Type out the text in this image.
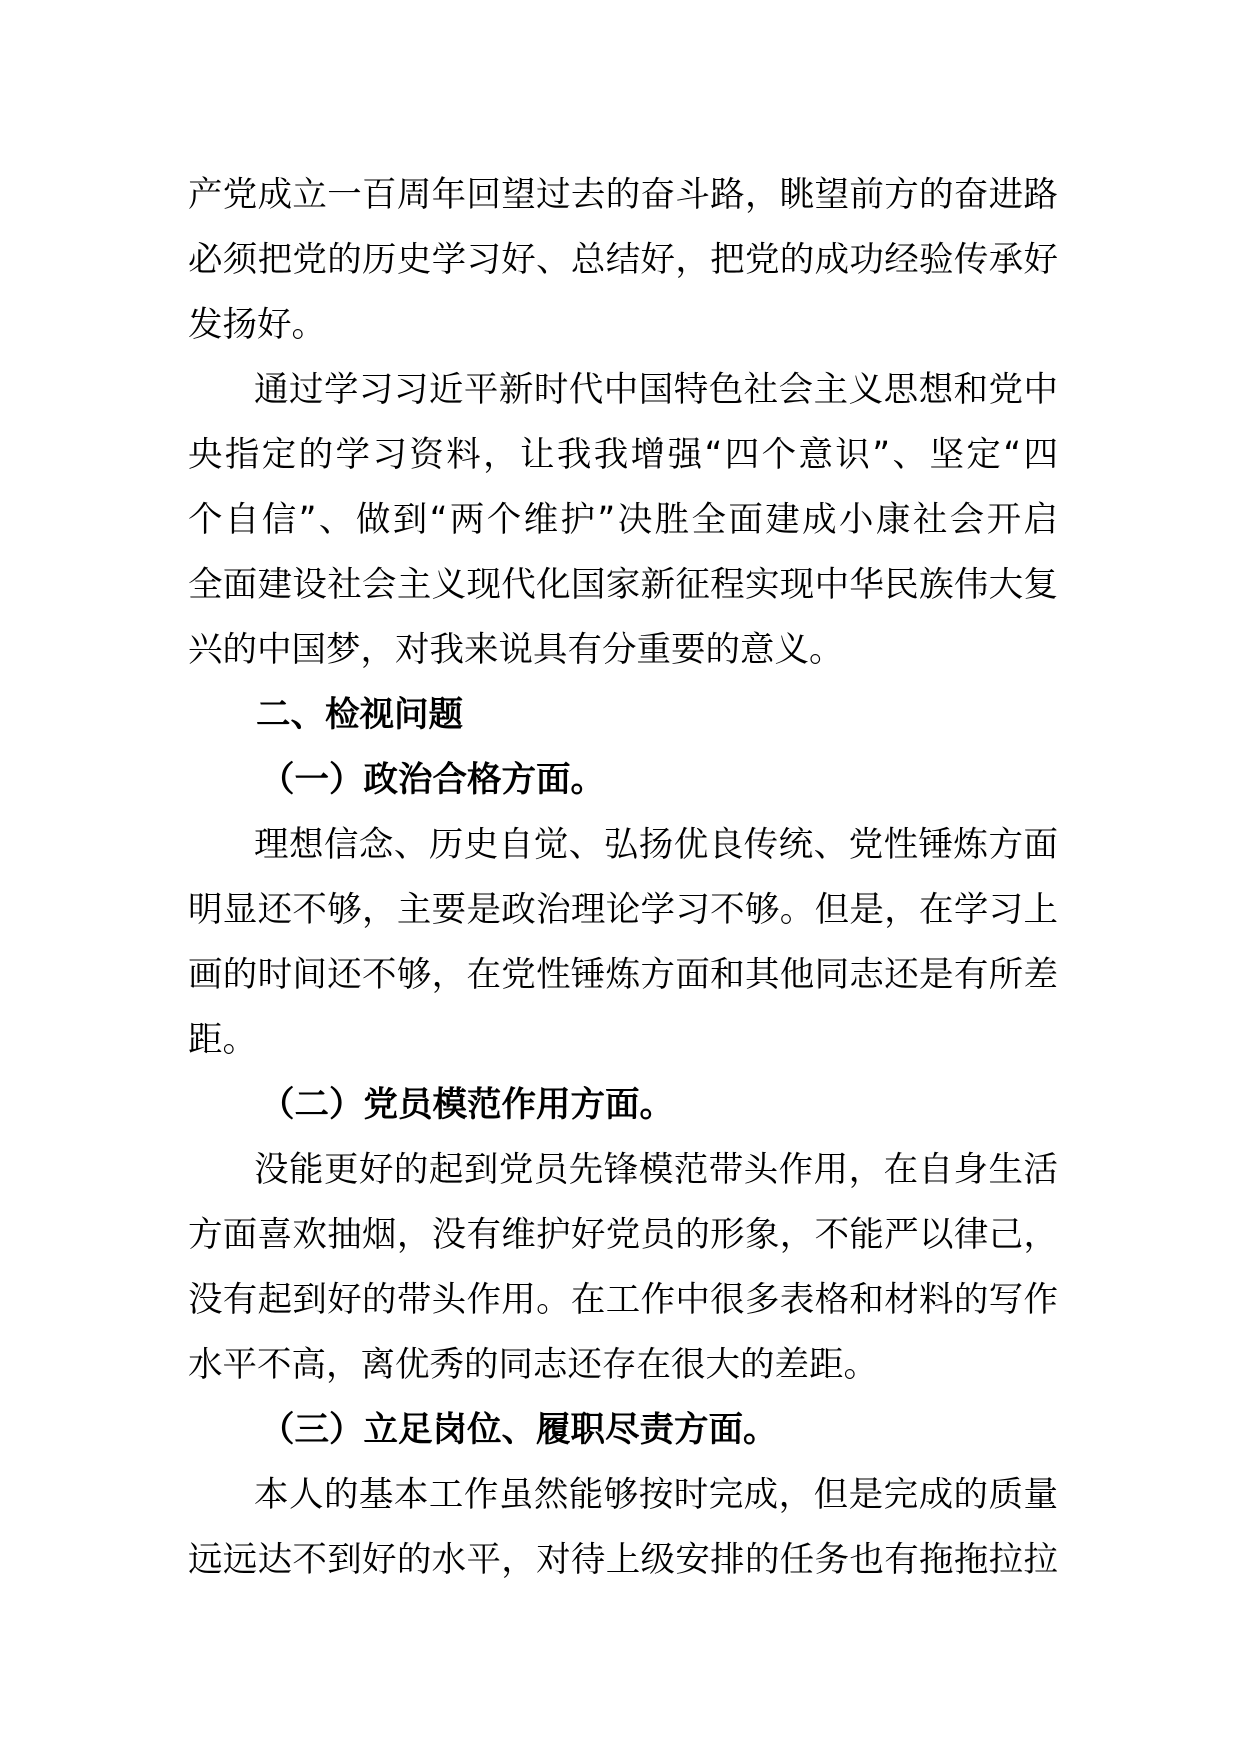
产党成立一百周年回望过去的奋斗路，眺望前方的奋进路
必须把党的历史学习好、总结好，把党的成功经验传承好
发扬好。
通过学习习近平新时代中国特色社会主义思想和党中
央指定的学习资料，让我我增强“四个意识”、坚定“四
个自信”、做到“两个维护”决胜全面建成小康社会开启
全面建设社会主义现代化国家新征程实现中华民族伟大复
兴的中国梦，对我来说具有分重要的意义。
二、检视问题
（一）政治合格方面。
理想信念、历史自觉、弘扬优良传统、党性锤炼方面
明显还不够，主要是政治理论学习不够。但是，在学习上
画的时间还不够，在党性锤炼方面和其他同志还是有所差
距。
（二）党员模范作用方面。
没能更好的起到党员先锋模范带头作用，在自身生活
方面喜欢抽烟，没有维护好党员的形象，不能严以律己，
没有起到好的带头作用。在工作中很多表格和材料的写作
水平不高，离优秀的同志还存在很大的差距。
（三）立足岗位、履职尽责方面。
本人的基本工作虽然能够按时完成，但是完成的质量
远远达不到好的水平，对待上级安排的任务也有拖拖拉拉
